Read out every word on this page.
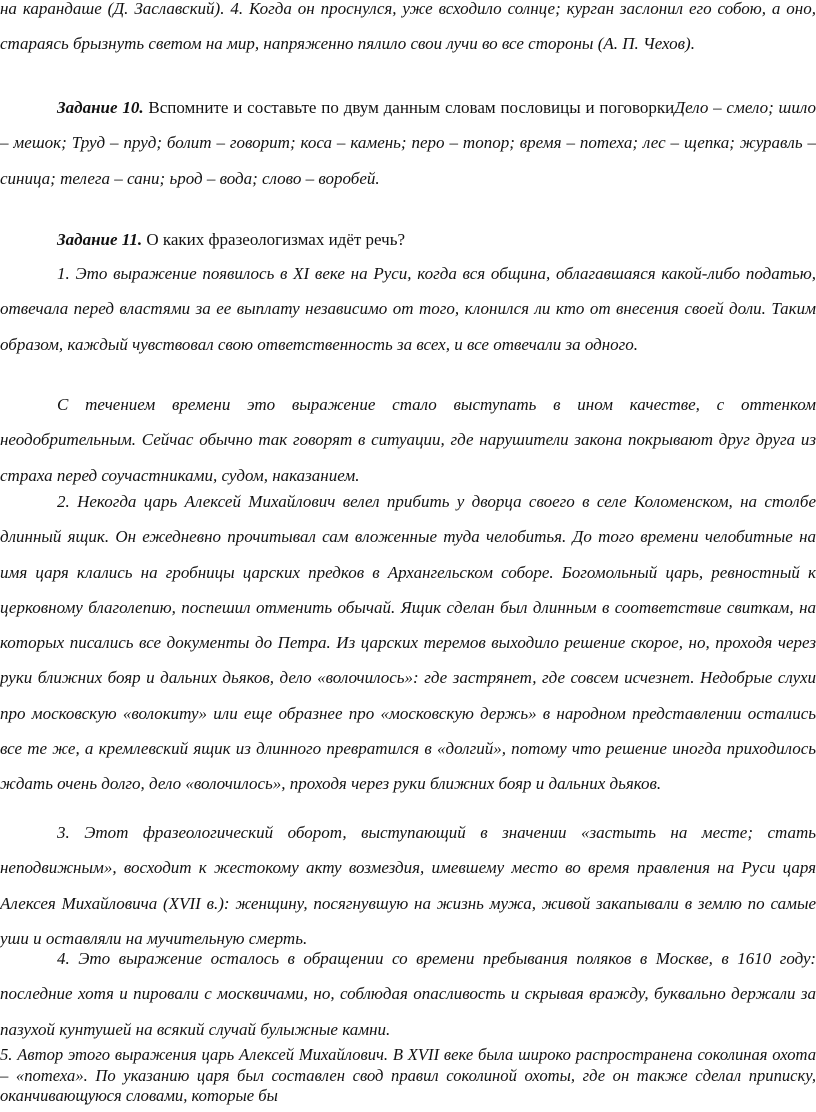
на карандаше (Д. Заславский). 4. Когда он проснулся, уже всходило солнце; курган заслонил его собою, а оно, стараясь брызнуть светом на мир, напряженно пялило свои лучи во все стороны (А. П. Чехов).

Задание 10. Вспомните и составьте по двум данным словам пословицы и поговоркиДело – смело; шило – мешок; Труд – пруд; болит – говорит; коса – камень; перо – топор; время – потеха; лес – щепка; журавль – синица; телега – сани; ьрод – вода; слово – воробей.

Задание 11. О каких фразеологизмах идёт речь?

1. Это выражение появилось в XI веке на Руси, когда вся община, облагавшаяся какой-либо податью, отвечала перед властями за ее выплату независимо от того, клонился ли кто от внесения своей доли. Таким образом, каждый чувствовал свою ответственность за всех, и все отвечали за одного.

С течением времени это выражение стало выступать в ином качестве, с оттенком неодобрительным. Сейчас обычно так говорят в ситуации, где нарушители закона покрывают друг друга из страха перед соучастниками, судом, наказанием.

2. Некогда царь Алексей Михайлович велел прибить у дворца своего в селе Коломенском, на столбе длинный ящик. Он ежедневно прочитывал сам вложенные туда челобитья. До того времени челобитные на имя царя клались на гробницы царских предков в Архангельском соборе. Богомольный царь, ревностный к церковному благолепию, поспешил отменить обычай. Ящик сделан был длинным в соответствие свиткам, на которых писались все документы до Петра. Из царских теремов выходило решение скорое, но, проходя через руки ближних бояр и дальних дьяков, дело «волочилось»: где застрянет, где совсем исчезнет. Недобрые слухи про московскую «волокиту» или еще образнее про «московскую держь» в народном представлении остались все те же, а кремлевский ящик из длинного превратился в «долгий», потому что решение иногда приходилось ждать очень долго, дело «волочилось», проходя через руки ближних бояр и дальних дьяков.

3. Этот фразеологический оборот, выступающий в значении «застыть на месте; стать неподвижным», восходит к жестокому акту возмездия, имевшему место во время правления на Руси царя Алексея Михайловича (XVII в.): женщину, посягнувшую на жизнь мужа, живой закапывали в землю по самые уши и оставляли на мучительную смерть.

4. Это выражение осталось в обращении со времени пребывания поляков в Москве, в 1610 году: последние хотя и пировали с москвичами, но, соблюдая опасливость и скрывая вражду, буквально держали за пазухой кунтушей на всякий случай булыжные камни.

5. Автор этого выражения царь Алексей Михайлович. В XVII веке была широко распространена соколиная охота – «потеха». По указанию царя был составлен свод правил соколиной охоты, где он также сделал приписку, оканчивающуюся словами, которые бы
